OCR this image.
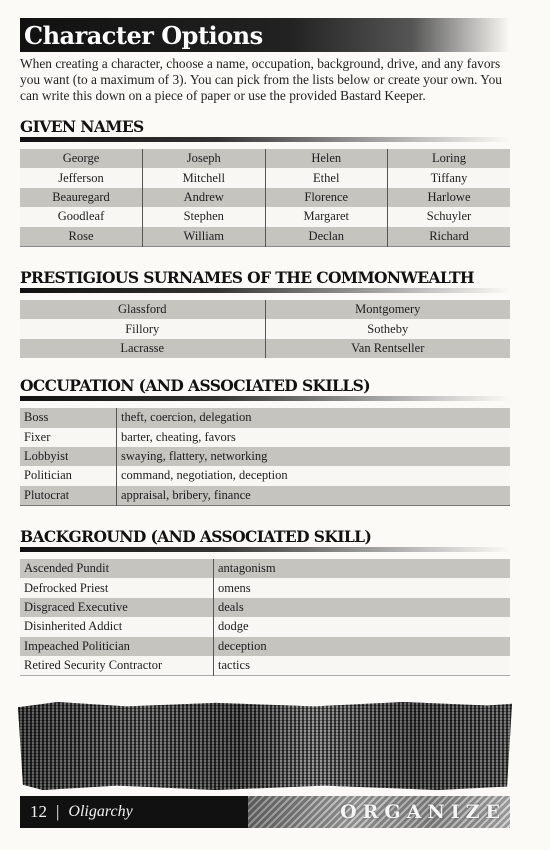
Character Options

When creating a character, choose a name, occupation, background, drive, and any favors you want (to a maximum of 3). You can pick from the lists below or create your own. You can write this down on a piece of paper or use the provided Bastard Keeper.

GIVEN NAMES
George	Joseph	Helen	Loring
Jefferson	Mitchell	Ethel	Tiffany
Beauregard	Andrew	Florence	Harlowe
Goodleaf	Stephen	Margaret	Schuyler
Rose	William	Declan	Richard
PRESTIGIOUS SURNAMES OF THE COMMONWEALTH
Glassford	Montgomery
Fillory	Sotheby
Lacrasse	Van Rentseller
OCCUPATION (AND ASSOCIATED SKILLS)
Boss	theft, coercion, delegation
Fixer	barter, cheating, favors
Lobbyist	swaying, flattery, networking
Politician	command, negotiation, deception
Plutocrat	appraisal, bribery, finance
BACKGROUND (AND ASSOCIATED SKILL)
Ascended Pundit	antagonism
Defrocked Priest	omens
Disgraced Executive	deals
Disinherited Addict	dodge
Impeached Politician	deception
Retired Security Contractor	tactics
12 | Oligarchy	ORGANIZE
